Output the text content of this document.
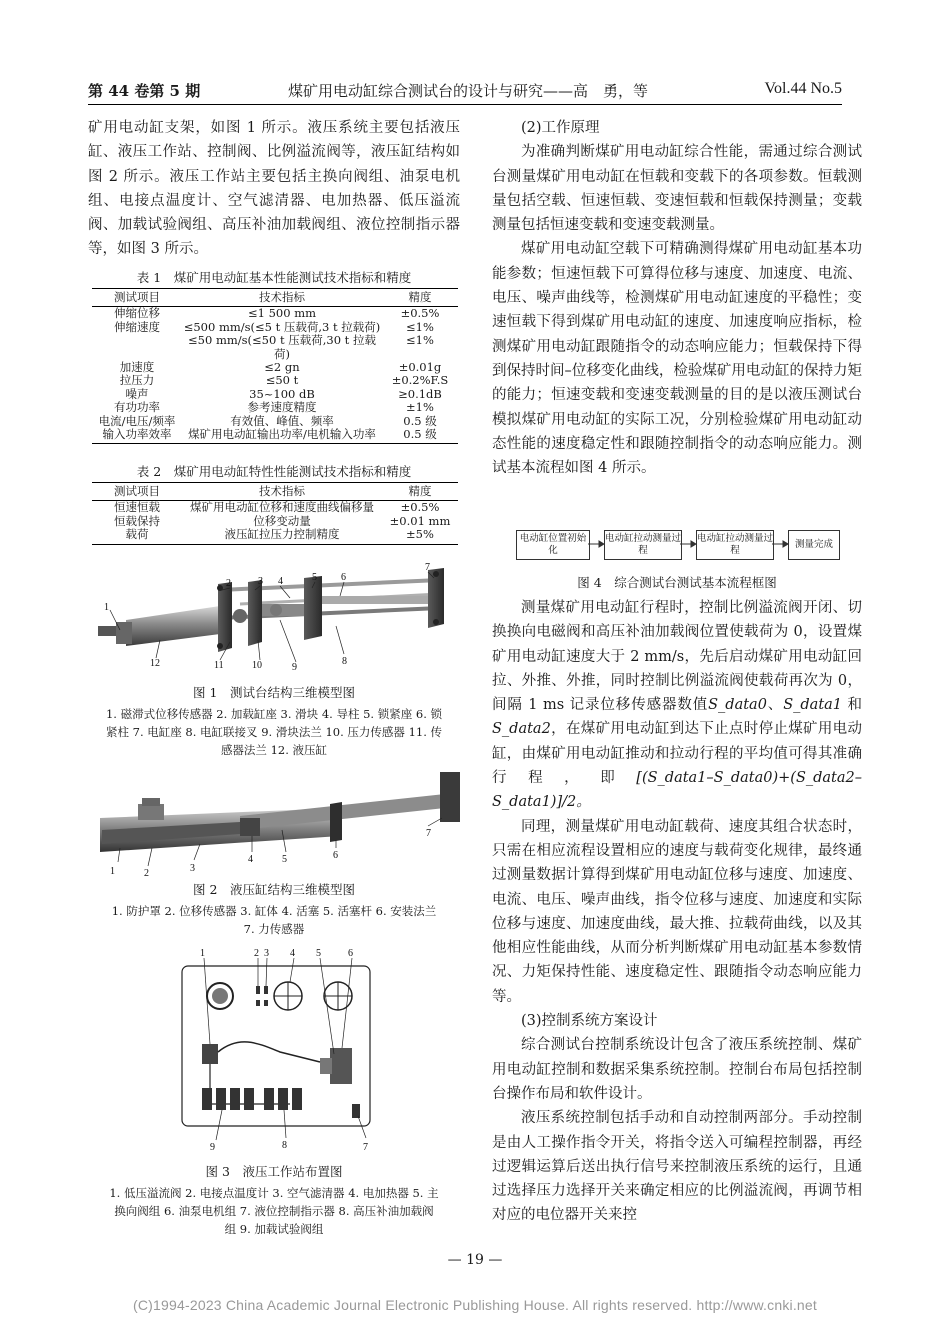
第 44 卷第 5 期	煤矿用电动缸综合测试台的设计与研究——高　勇，等	Vol.44 No.5

矿用电动缸支架，如图 1 所示。液压系统主要包括液压缸、液压工作站、控制阀、比例溢流阀等，液压缸结构如图 2 所示。液压工作站主要包括主换向阀组、油泵电机组、电接点温度计、空气滤清器、电加热器、低压溢流阀、加载试验阀组、高压补油加载阀组、液位控制指示器等，如图 3 所示。

表 1　煤矿用电动缸基本性能测试技术指标和精度
测试项目	技术指标	精度
伸缩位移	≤1 500 mm	±0.5%
伸缩速度	≤500 mm/s(≤5 t 压载荷,3 t 拉载荷)	≤1%
	≤50 mm/s(≤50 t 压载荷,30 t 拉载荷)	≤1%
加速度	≤2 gn	±0.01g
拉压力	≤50 t	±0.2%F.S
噪声	35~100 dB	≥0.1dB
有功功率	参考速度精度	±1%
电流/电压/频率	有效值、峰值、频率	0.5 级
输入功率效率	煤矿用电动缸输出功率/电机输入功率	0.5 级
表 2　煤矿用电动缸特性性能测试技术指标和精度
测试项目	技术指标	精度
恒速恒载	煤矿用电动缸位移和速度曲线偏移量	±0.5%
恒载保持	位移变动量	±0.01 mm
载荷	液压缸拉压力控制精度	±5%
1
2	3 4	5 6
7
8
9
10
11
12
图 1　测试台结构三维模型图
1. 磁滞式位移传感器 2. 加载缸座 3. 滑块 4. 导柱 5. 锁紧座 6. 锁
紧柱 7. 电缸座 8. 电缸联接叉 9. 滑块法兰 10. 压力传感器 11. 传
感器法兰 12. 液压缸
1	2	3
4	5	6
7
图 2　液压缸结构三维模型图
1. 防护罩 2. 位移传感器 3. 缸体 4. 活塞 5. 活塞杆 6. 安装法兰
7. 力传感器
1	2 3 4 5	6
7
8
9
图 3　液压工作站布置图
1. 低压溢流阀 2. 电接点温度计 3. 空气滤清器 4. 电加热器 5. 主
换向阀组 6. 油泵电机组 7. 液位控制指示器 8. 高压补油加载阀
组 9. 加载试验阀组

(2)工作原理

为准确判断煤矿用电动缸综合性能，需通过综合测试台测量煤矿用电动缸在恒载和变载下的各项参数。恒载测量包括空载、恒速恒载、变速恒载和恒载保持测量；变载测量包括恒速变载和变速变载测量。

煤矿用电动缸空载下可精确测得煤矿用电动缸基本功能参数；恒速恒载下可算得位移与速度、加速度、电流、电压、噪声曲线等，检测煤矿用电动缸速度的平稳性；变速恒载下得到煤矿用电动缸的速度、加速度响应指标，检测煤矿用电动缸跟随指令的动态响应能力；恒载保持下得到保持时间–位移变化曲线，检验煤矿用电动缸的保持力矩的能力；恒速变载和变速变载测量的目的是以液压测试台模拟煤矿用电动缸的实际工况，分别检验煤矿用电动缸动态性能的速度稳定性和跟随控制指令的动态响应能力。测试基本流程如图 4 所示。

电动缸位置初始化
电动缸拉动测量过程
电动缸拉动测量过程
测量完成
图 4　综合测试台测试基本流程框图

测量煤矿用电动缸行程时，控制比例溢流阀开闭、切换换向电磁阀和高压补油加载阀位置使载荷为 0，设置煤矿用电动缸速度大于 2 mm/s，先后启动煤矿用电动缸回拉、外推、外推，同时控制比例溢流阀使载荷再次为 0，间隔 1 ms 记录位移传感器数值S_data0、S_data1 和 S_data2，在煤矿用电动缸到达下止点时停止煤矿用电动缸，由煤矿用电动缸推动和拉动行程的平均值可得其准确行程，即[(S_data1–S_data0)+(S_data2–S_data1)]/2。

同理，测量煤矿用电动缸载荷、速度其组合状态时，只需在相应流程设置相应的速度与载荷变化规律，最终通过测量数据计算得到煤矿用电动缸位移与速度、加速度、电流、电压、噪声曲线，指令位移与速度、加速度和实际位移与速度、加速度曲线，最大推、拉载荷曲线，以及其他相应性能曲线，从而分析判断煤矿用电动缸基本参数情况、力矩保持性能、速度稳定性、跟随指令动态响应能力等。

(3)控制系统方案设计

综合测试台控制系统设计包含了液压系统控制、煤矿用电动缸控制和数据采集系统控制。控制台布局包括控制台操作布局和软件设计。

液压系统控制包括手动和自动控制两部分。手动控制是由人工操作指令开关，将指令送入可编程控制器，再经过逻辑运算后送出执行信号来控制液压系统的运行，且通过选择压力选择开关来确定相应的比例溢流阀，再调节相对应的电位器开关来控

— 19 —
(C)1994-2023 China Academic Journal Electronic Publishing House. All rights reserved. http://www.cnki.net
